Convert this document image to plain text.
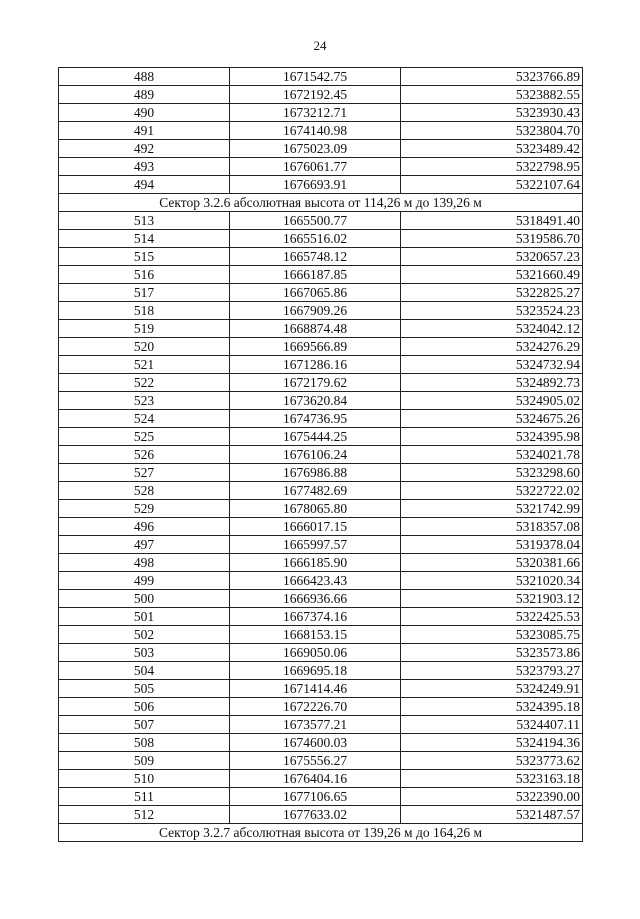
24
488	1671542.75	5323766.89
489	1672192.45	5323882.55
490	1673212.71	5323930.43
491	1674140.98	5323804.70
492	1675023.09	5323489.42
493	1676061.77	5322798.95
494	1676693.91	5322107.64
Сектор 3.2.6 абсолютная высота от 114,26 м до 139,26 м		
513	1665500.77	5318491.40
514	1665516.02	5319586.70
515	1665748.12	5320657.23
516	1666187.85	5321660.49
517	1667065.86	5322825.27
518	1667909.26	5323524.23
519	1668874.48	5324042.12
520	1669566.89	5324276.29
521	1671286.16	5324732.94
522	1672179.62	5324892.73
523	1673620.84	5324905.02
524	1674736.95	5324675.26
525	1675444.25	5324395.98
526	1676106.24	5324021.78
527	1676986.88	5323298.60
528	1677482.69	5322722.02
529	1678065.80	5321742.99
496	1666017.15	5318357.08
497	1665997.57	5319378.04
498	1666185.90	5320381.66
499	1666423.43	5321020.34
500	1666936.66	5321903.12
501	1667374.16	5322425.53
502	1668153.15	5323085.75
503	1669050.06	5323573.86
504	1669695.18	5323793.27
505	1671414.46	5324249.91
506	1672226.70	5324395.18
507	1673577.21	5324407.11
508	1674600.03	5324194.36
509	1675556.27	5323773.62
510	1676404.16	5323163.18
511	1677106.65	5322390.00
512	1677633.02	5321487.57
Сектор 3.2.7 абсолютная высота от 139,26 м до 164,26 м		
